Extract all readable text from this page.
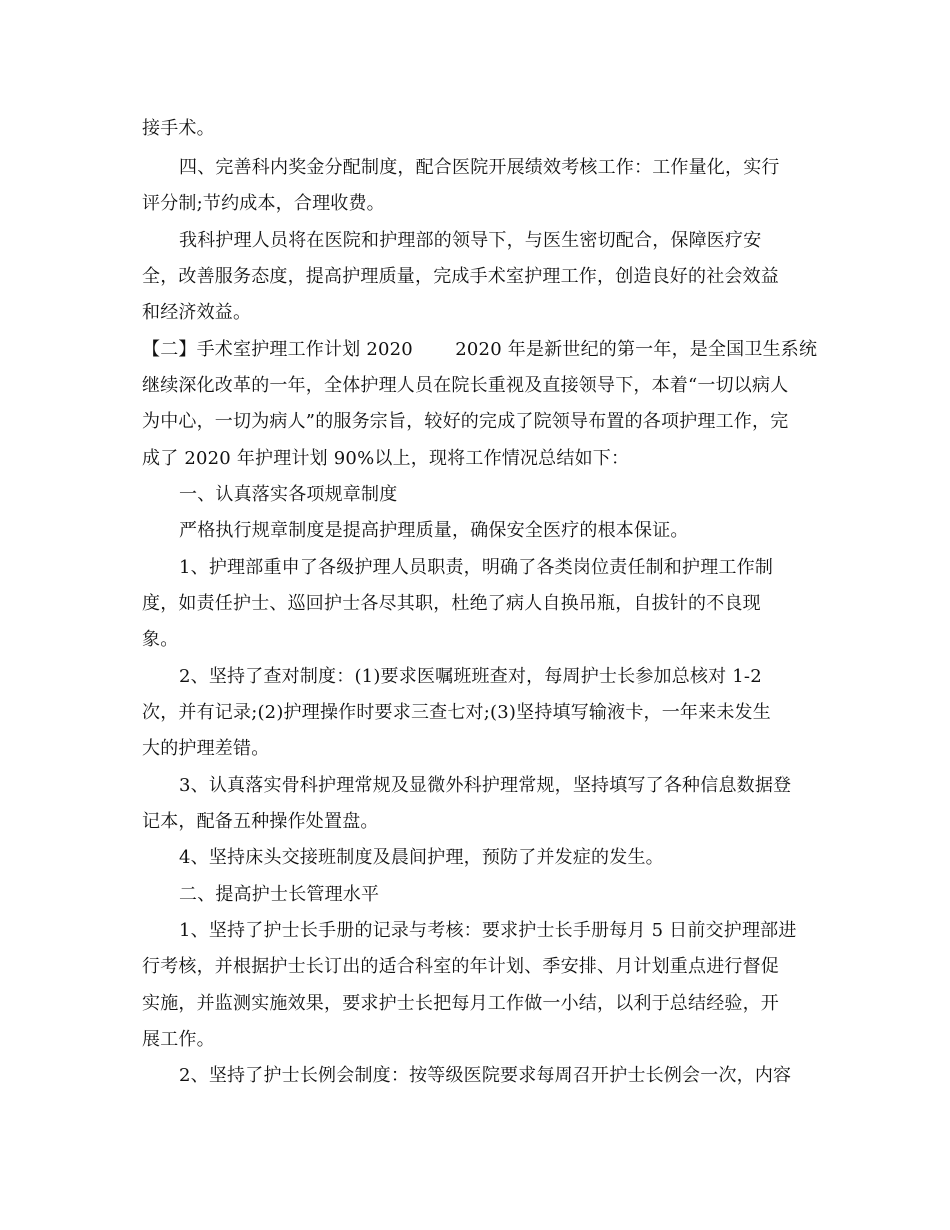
接手术。
四、完善科内奖金分配制度，配合医院开展绩效考核工作：工作量化，实行
评分制;节约成本，合理收费。
我科护理人员将在医院和护理部的领导下，与医生密切配合，保障医疗安
全，改善服务态度，提高护理质量，完成手术室护理工作，创造良好的社会效益
和经济效益。
【二】手术室护理工作计划 2020　　 2020 年是新世纪的第一年，是全国卫生系统
继续深化改革的一年，全体护理人员在院长重视及直接领导下，本着“一切以病人
为中心，一切为病人”的服务宗旨，较好的完成了院领导布置的各项护理工作，完
成了 2020 年护理计划 90%以上，现将工作情况总结如下：
一、认真落实各项规章制度
严格执行规章制度是提高护理质量，确保安全医疗的根本保证。
1、护理部重申了各级护理人员职责，明确了各类岗位责任制和护理工作制
度，如责任护士、巡回护士各尽其职，杜绝了病人自换吊瓶，自拔针的不良现
象。
2、坚持了查对制度：(1)要求医嘱班班查对，每周护士长参加总核对 1-2
次，并有记录;(2)护理操作时要求三查七对;(3)坚持填写输液卡，一年来未发生
大的护理差错。
3、认真落实骨科护理常规及显微外科护理常规，坚持填写了各种信息数据登
记本，配备五种操作处置盘。
4、坚持床头交接班制度及晨间护理，预防了并发症的发生。
二、提高护士长管理水平
1、坚持了护士长手册的记录与考核：要求护士长手册每月 5 日前交护理部进
行考核，并根据护士长订出的适合科室的年计划、季安排、月计划重点进行督促
实施，并监测实施效果，要求护士长把每月工作做一小结，以利于总结经验，开
展工作。
2、坚持了护士长例会制度：按等级医院要求每周召开护士长例会一次，内容
